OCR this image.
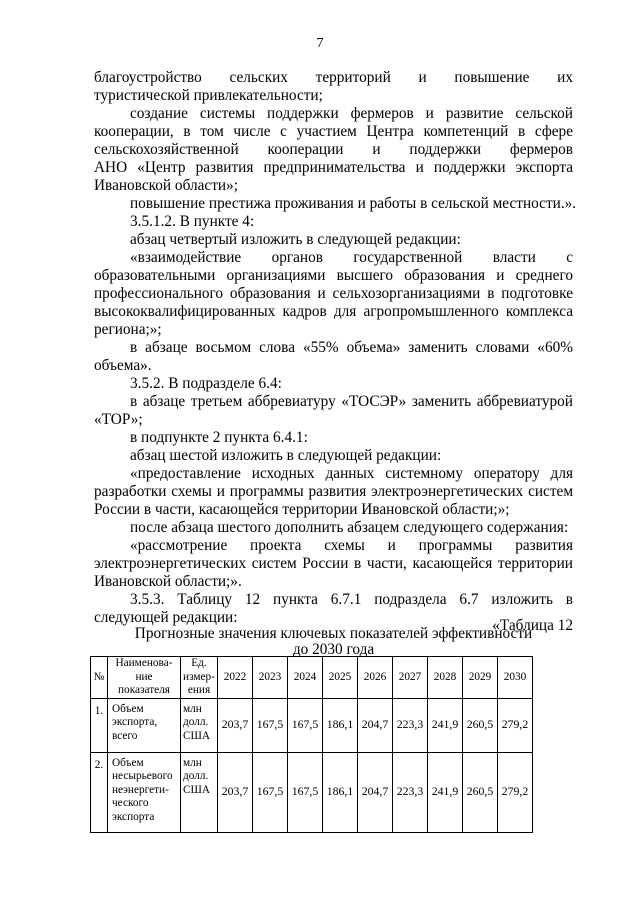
7
благоустройство сельских территорий и повышение их
туристической привлекательности;
создание системы поддержки фермеров и развитие сельской
кооперации, в том числе с участием Центра компетенций в сфере
сельскохозяйственной кооперации и поддержки фермеров
АНО «Центр развития предпринимательства и поддержки экспорта
Ивановской области»;
повышение престижа проживания и работы в сельской местности.».
3.5.1.2. В пункте 4:
абзац четвертый изложить в следующей редакции:
«взаимодействие органов государственной власти с
образовательными организациями высшего образования и среднего
профессионального образования и сельхозорганизациями в подготовке
высококвалифицированных кадров для агропромышленного комплекса
региона;»;
в абзаце восьмом слова «55% объема» заменить словами «60%
объема».
3.5.2. В подразделе 6.4:
в абзаце третьем аббревиатуру «ТОСЭР» заменить аббревиатурой
«ТОР»;
в подпункте 2 пункта 6.4.1:
абзац шестой изложить в следующей редакции:
«предоставление исходных данных системному оператору для
разработки схемы и программы развития электроэнергетических систем
России в части, касающейся территории Ивановской области;»;
после абзаца шестого дополнить абзацем следующего содержания:
«рассмотрение проекта схемы и программы развития
электроэнергетических систем России в части, касающейся территории
Ивановской области;».
3.5.3. Таблицу 12 пункта 6.7.1 подраздела 6.7 изложить в
следующей редакции:	«Таблица 12
Прогнозные значения ключевых показателей эффективности
до 2030 года
№	Наименова-ние показателя	Ед. измер-ения	2022	2023	2024	2025	2026	2027	2028	2029	2030
1.	Объем экспорта, всего	млн долл. США	203,7	167,5	167,5	186,1	204,7	223,3	241,9	260,5	279,2
2.	Объем несырьевого неэнергети-ческого экспорта	млн долл. США	203,7	167,5	167,5	186,1	204,7	223,3	241,9	260,5	279,2
